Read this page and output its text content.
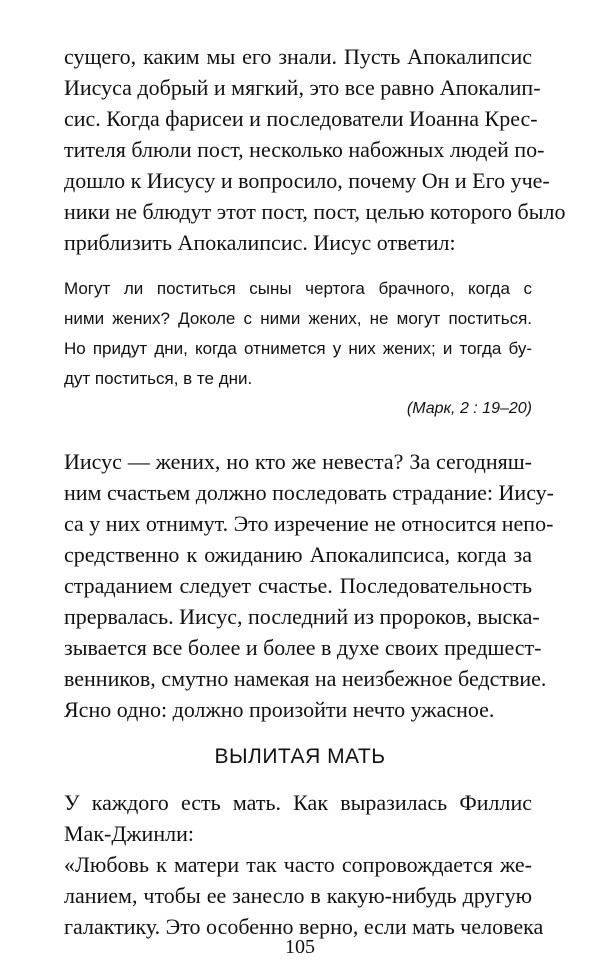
сущего, каким мы его знали. Пусть Апокалипсис
Иисуса добрый и мягкий, это все равно Апокалип-
сис. Когда фарисеи и последователи Иоанна Крес-
тителя блюли пост, несколько набожных людей по-
дошло к Иисусу и вопросило, почему Он и Его уче-
ники не блюдут этот пост, пост, целью которого было
приблизить Апокалипсис. Иисус ответил:
Могут ли поститься сыны чертога брачного, когда с
ними жених? Доколе с ними жених, не могут поститься.
Но придут дни, когда отнимется у них жених; и тогда бу-
дут поститься, в те дни.
(Марк, 2 : 19–20)
Иисус — жених, но кто же невеста? За сегодняш-
ним счастьем должно последовать страдание: Иису-
са у них отнимут. Это изречение не относится непо-
средственно к ожиданию Апокалипсиса, когда за
страданием следует счастье. Последовательность
прервалась. Иисус, последний из пророков, выска-
зывается все более и более в духе своих предшест-
венников, смутно намекая на неизбежное бедствие.
Ясно одно: должно произойти нечто ужасное.
ВЫЛИТАЯ МАТЬ
У каждого есть мать. Как выразилась Филлис
Мак-Джинли:
«Любовь к матери так часто сопровождается же-
ланием, чтобы ее занесло в какую-нибудь другую
галактику. Это особенно верно, если мать человека
105
